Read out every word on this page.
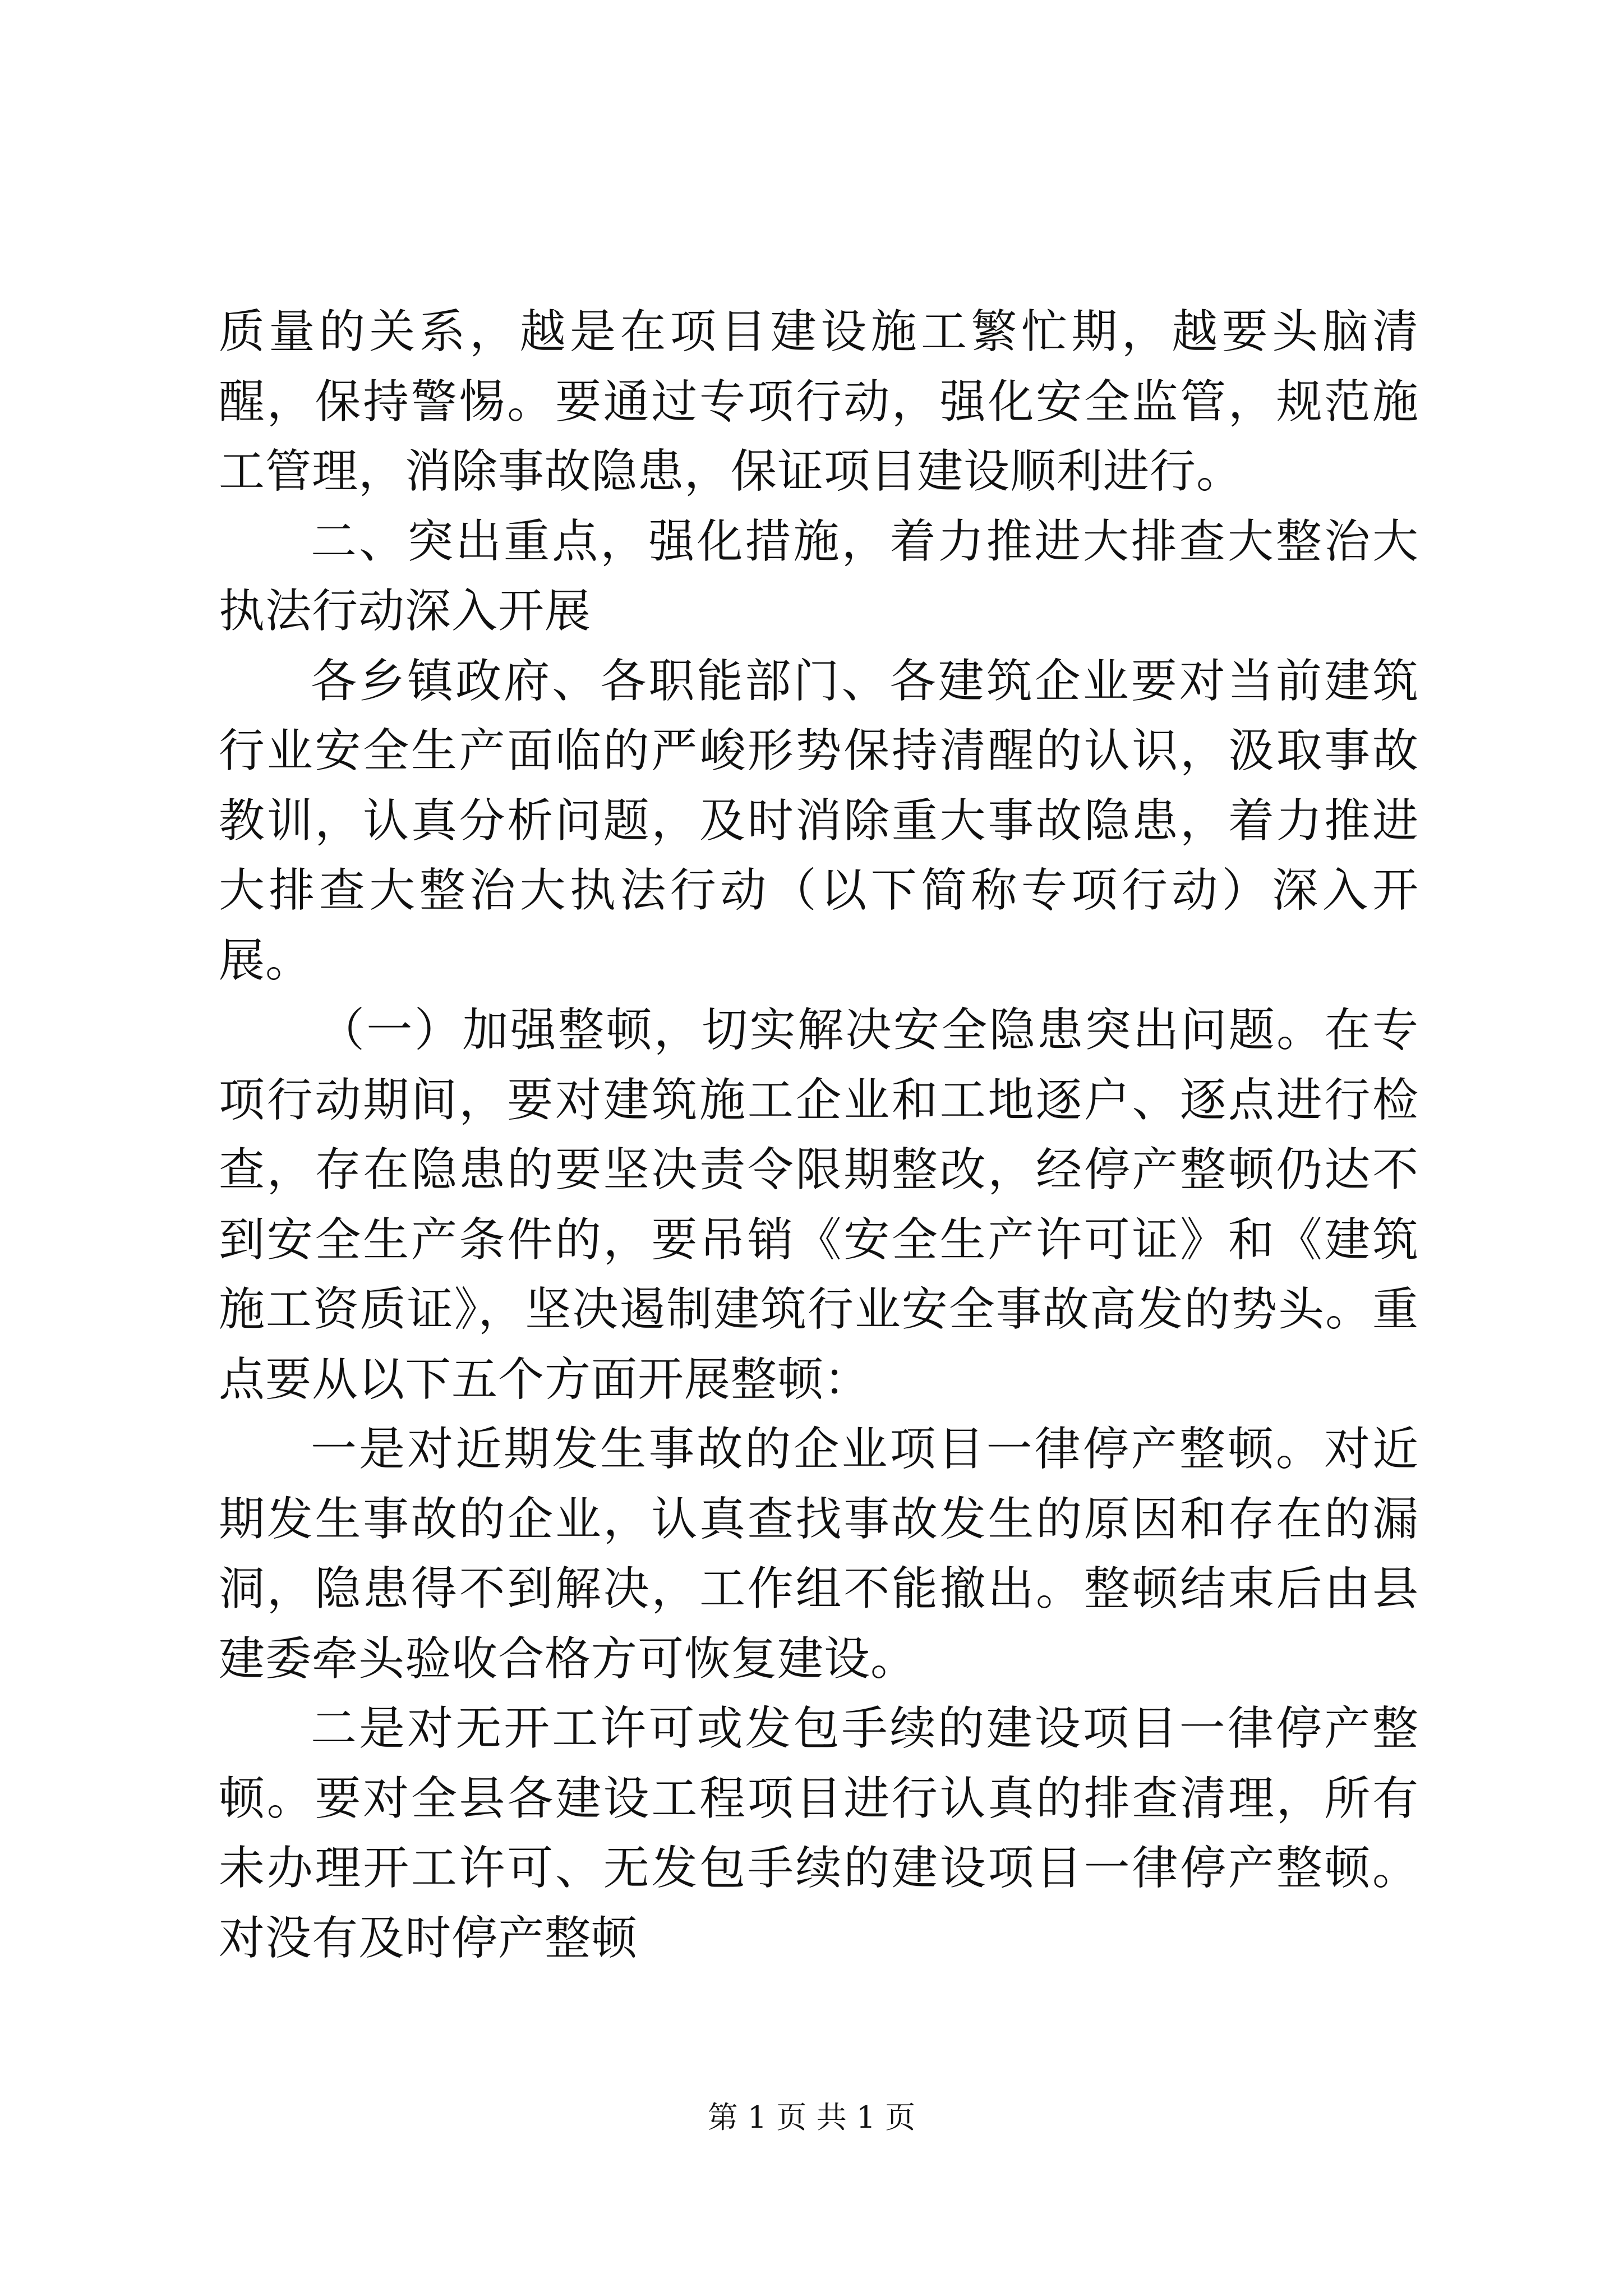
质量的关系，越是在项目建设施工繁忙期，越要头脑清醒，保持警惕。要通过专项行动，强化安全监管，规范施工管理，消除事故隐患，保证项目建设顺利进行。

二、突出重点，强化措施，着力推进大排查大整治大执法行动深入开展

各乡镇政府、各职能部门、各建筑企业要对当前建筑行业安全生产面临的严峻形势保持清醒的认识，汲取事故教训，认真分析问题，及时消除重大事故隐患，着力推进大排查大整治大执法行动（以下简称专项行动）深入开展。

（一）加强整顿，切实解决安全隐患突出问题。在专项行动期间，要对建筑施工企业和工地逐户、逐点进行检查，存在隐患的要坚决责令限期整改，经停产整顿仍达不到安全生产条件的，要吊销《安全生产许可证》和《建筑施工资质证》，坚决遏制建筑行业安全事故高发的势头。重点要从以下五个方面开展整顿：

一是对近期发生事故的企业项目一律停产整顿。对近期发生事故的企业，认真查找事故发生的原因和存在的漏洞，隐患得不到解决，工作组不能撤出。整顿结束后由县建委牵头验收合格方可恢复建设。

二是对无开工许可或发包手续的建设项目一律停产整顿。要对全县各建设工程项目进行认真的排查清理，所有未办理开工许可、无发包手续的建设项目一律停产整顿。对没有及时停产整顿

第 1 页 共 1 页
